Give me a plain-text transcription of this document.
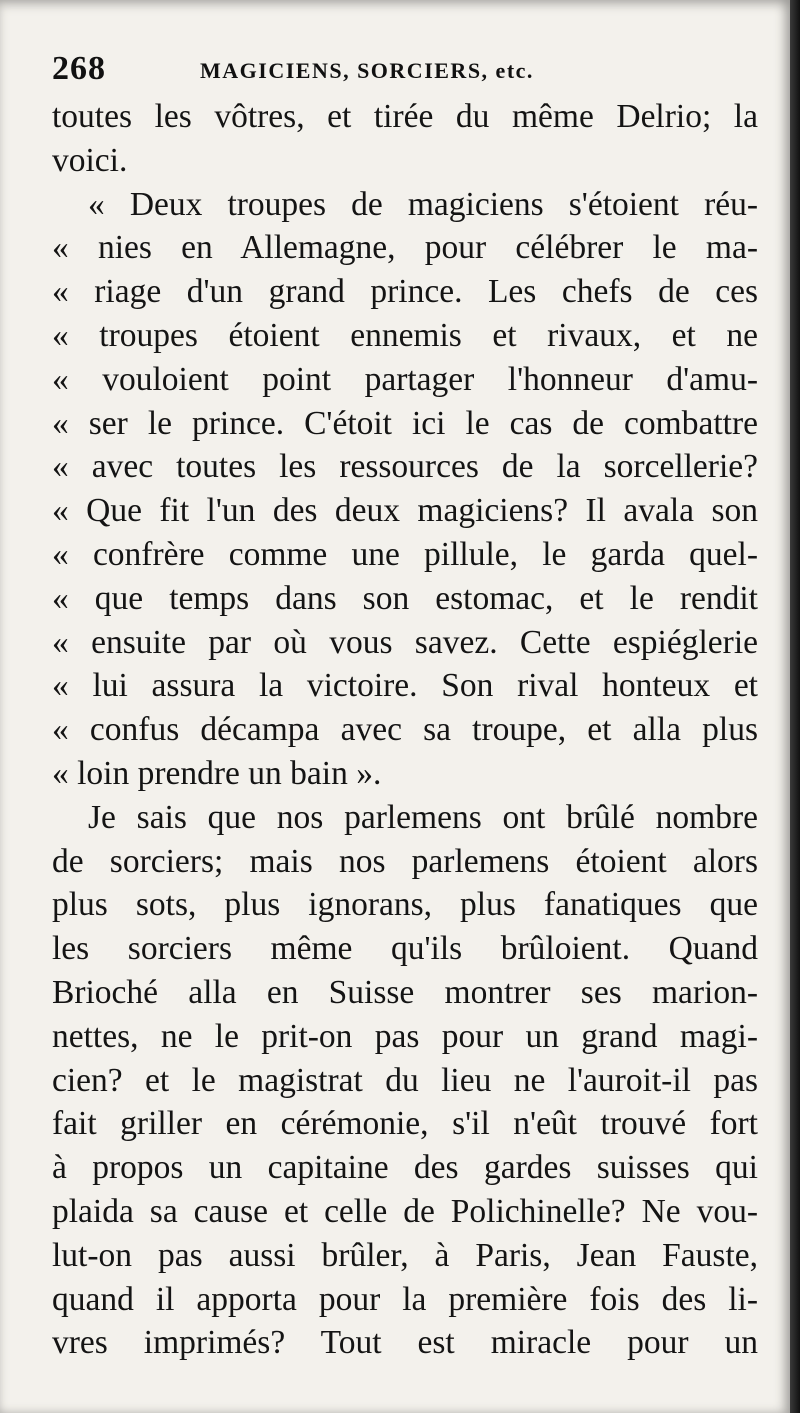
268	MAGICIENS, SORCIERS, etc.
toutes les vôtres, et tirée du même Delrio; la
voici.
« Deux troupes de magiciens s'étoient réu-
« nies en Allemagne, pour célébrer le ma-
« riage d'un grand prince. Les chefs de ces
« troupes étoient ennemis et rivaux, et ne
« vouloient point partager l'honneur d'amu-
« ser le prince. C'étoit ici le cas de combattre
« avec toutes les ressources de la sorcellerie?
« Que fit l'un des deux magiciens? Il avala son
« confrère comme une pillule, le garda quel-
« que temps dans son estomac, et le rendit
« ensuite par où vous savez. Cette espiéglerie
« lui assura la victoire. Son rival honteux et
« confus décampa avec sa troupe, et alla plus
« loin prendre un bain ».
Je sais que nos parlemens ont brûlé nombre
de sorciers; mais nos parlemens étoient alors
plus sots, plus ignorans, plus fanatiques que
les sorciers même qu'ils brûloient. Quand
Brioché alla en Suisse montrer ses marion-
nettes, ne le prit-on pas pour un grand magi-
cien? et le magistrat du lieu ne l'auroit-il pas
fait griller en cérémonie, s'il n'eût trouvé fort
à propos un capitaine des gardes suisses qui
plaida sa cause et celle de Polichinelle? Ne vou-
lut-on pas aussi brûler, à Paris, Jean Fauste,
quand il apporta pour la première fois des li-
vres imprimés? Tout est miracle pour un
